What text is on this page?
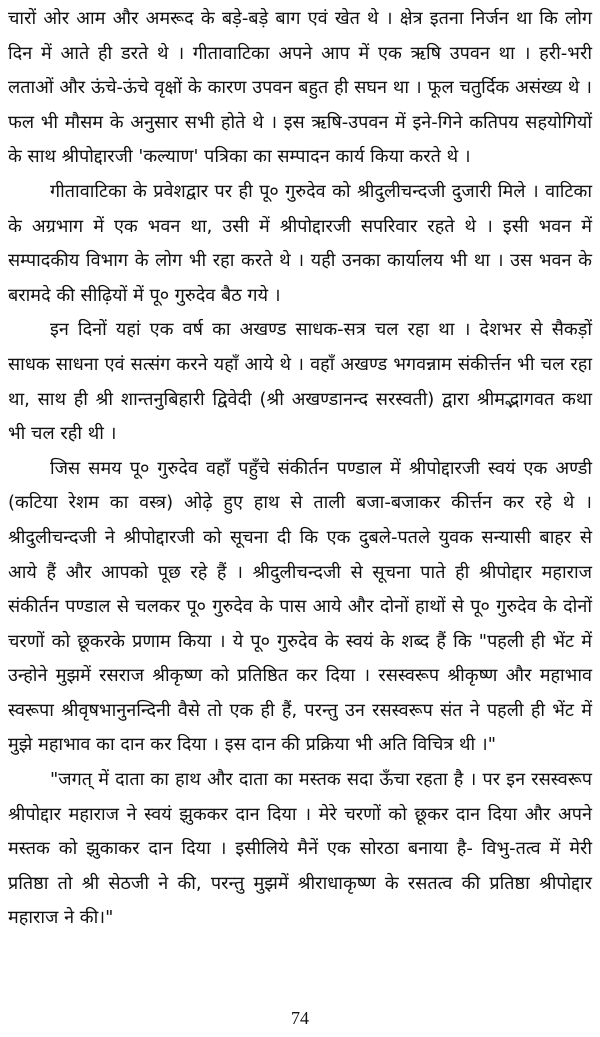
चारों ओर आम और अमरूद के बड़े-बड़े बाग एवं खेत थे । क्षेत्र इतना निर्जन था कि लोग दिन में आते ही डरते थे । गीतावाटिका अपने आप में एक ऋषि उपवन था । हरी-भरी लताओं और ऊंचे-ऊंचे वृक्षों के कारण उपवन बहुत ही सघन था । फूल चतुर्दिक असंख्य थे । फल भी मौसम के अनुसार सभी होते थे । इस ऋषि-उपवन में इने-गिने कतिपय सहयोगियों के साथ श्रीपोद्दारजी 'कल्याण' पत्रिका का सम्पादन कार्य किया करते थे ।

गीतावाटिका के प्रवेशद्वार पर ही पू० गुरुदेव को श्रीदुलीचन्दजी दुजारी मिले । वाटिका के अग्रभाग में एक भवन था, उसी में श्रीपोद्दारजी सपरिवार रहते थे । इसी भवन में सम्पादकीय विभाग के लोग भी रहा करते थे । यही उनका कार्यालय भी था । उस भवन के बरामदे की सीढ़ियों में पू० गुरुदेव बैठ गये ।

इन दिनों यहां एक वर्ष का अखण्ड साधक-सत्र चल रहा था । देशभर से सैकड़ों साधक साधना एवं सत्संग करने यहाँ आये थे । वहाँ अखण्ड भगवन्नाम संकीर्त्तन भी चल रहा था, साथ ही श्री शान्तनुबिहारी द्विवेदी (श्री अखण्डानन्द सरस्वती) द्वारा श्रीमद्भागवत कथा भी चल रही थी ।

जिस समय पू० गुरुदेव वहाँ पहुँचे संकीर्तन पण्डाल में श्रीपोद्दारजी स्वयं एक अण्डी (कटिया रेशम का वस्त्र) ओढ़े हुए हाथ से ताली बजा-बजाकर कीर्त्तन कर रहे थे । श्रीदुलीचन्दजी ने श्रीपोद्दारजी को सूचना दी कि एक दुबले-पतले युवक सन्यासी बाहर से आये हैं और आपको पूछ रहे हैं । श्रीदुलीचन्दजी से सूचना पाते ही श्रीपोद्दार महाराज संकीर्तन पण्डाल से चलकर पू० गुरुदेव के पास आये और दोनों हाथों से पू० गुरुदेव के दोनों चरणों को छूकरके प्रणाम किया । ये पू० गुरुदेव के स्वयं के शब्द हैं कि "पहली ही भेंट में उन्होने मुझमें रसराज श्रीकृष्ण को प्रतिष्ठित कर दिया । रसस्वरूप श्रीकृष्ण और महाभाव स्वरूपा श्रीवृषभानुनन्दिनी वैसे तो एक ही हैं, परन्तु उन रसस्वरूप संत ने पहली ही भेंट में मुझे महाभाव का दान कर दिया । इस दान की प्रक्रिया भी अति विचित्र थी ।"

"जगत् में दाता का हाथ और दाता का मस्तक सदा ऊँचा रहता है । पर इन रसस्वरूप श्रीपोद्दार महाराज ने स्वयं झुककर दान दिया । मेरे चरणों को छूकर दान दिया और अपने मस्तक को झुकाकर दान दिया । इसीलिये मैनें एक सोरठा बनाया है- विभु-तत्व में मेरी प्रतिष्ठा तो श्री सेठजी ने की, परन्तु मुझमें श्रीराधाकृष्ण के रसतत्व की प्रतिष्ठा श्रीपोद्दार महाराज ने की।"

74
